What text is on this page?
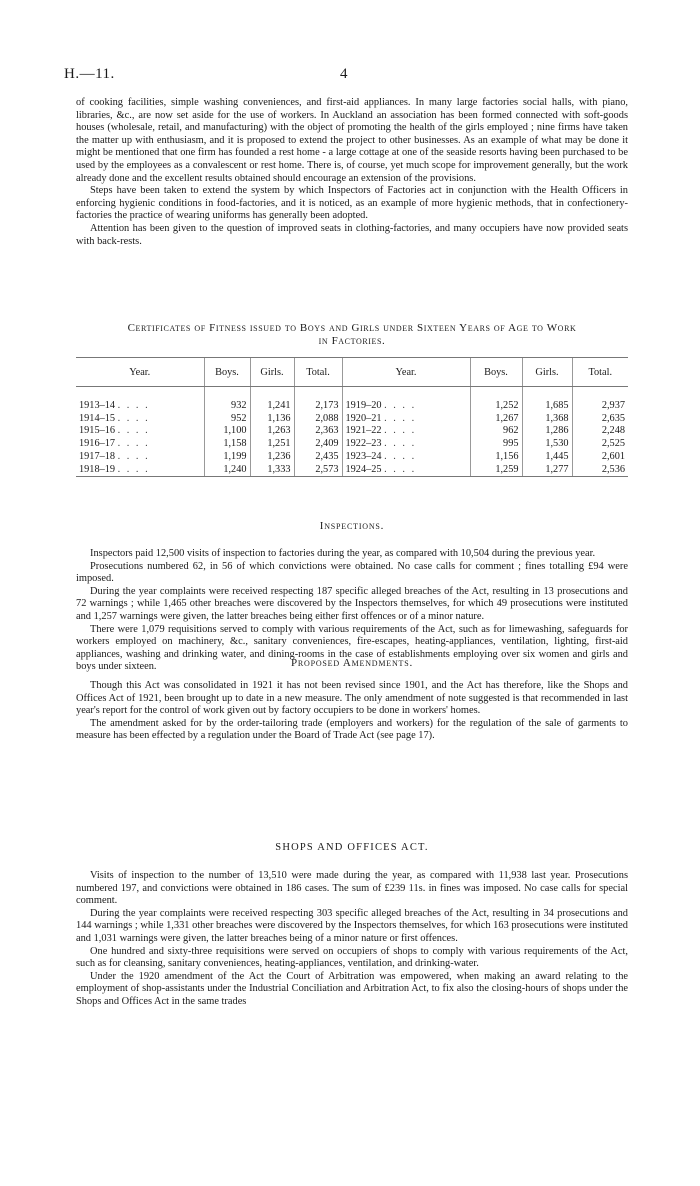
H.—11.	4

of cooking facilities, simple washing conveniences, and first-aid appliances. In many large factories social halls, with piano, libraries, &c., are now set aside for the use of workers. In Auckland an association has been formed connected with soft-goods houses (wholesale, retail, and manufacturing) with the object of promoting the health of the girls employed ; nine firms have taken the matter up with enthusiasm, and it is proposed to extend the project to other businesses. As an example of what may be done it might be mentioned that one firm has founded a rest home - a large cottage at one of the seaside resorts having been purchased to be used by the employees as a convalescent or rest home. There is, of course, yet much scope for improvement generally, but the work already done and the excellent results obtained should encourage an extension of the provisions.

Steps have been taken to extend the system by which Inspectors of Factories act in conjunction with the Health Officers in enforcing hygienic conditions in food-factories, and it is noticed, as an example of more hygienic methods, that in confectionery-factories the practice of wearing uniforms has generally been adopted.

Attention has been given to the question of improved seats in clothing-factories, and many occupiers have now provided seats with back-rests.

Certificates of Fitness issued to Boys and Girls under Sixteen Years of Age to Work
in Factories.
Year.	Boys.	Girls.	Total.	Year.	Boys.	Girls.	Total.

1913–14 . . . .	932	1,241	2,173	1919–20 . . . .	1,252	1,685	2,937
1914–15 . . . .	952	1,136	2,088	1920–21 . . . .	1,267	1,368	2,635
1915–16 . . . .	1,100	1,263	2,363	1921–22 . . . .	962	1,286	2,248
1916–17 . . . .	1,158	1,251	2,409	1922–23 . . . .	995	1,530	2,525
1917–18 . . . .	1,199	1,236	2,435	1923–24 . . . .	1,156	1,445	2,601
1918–19 . . . .	1,240	1,333	2,573	1924–25 . . . .	1,259	1,277	2,536
Inspections.

Inspectors paid 12,500 visits of inspection to factories during the year, as compared with 10,504 during the previous year.

Prosecutions numbered 62, in 56 of which convictions were obtained. No case calls for comment ; fines totalling £94 were imposed.

During the year complaints were received respecting 187 specific alleged breaches of the Act, resulting in 13 prosecutions and 72 warnings ; while 1,465 other breaches were discovered by the Inspectors themselves, for which 49 prosecutions were instituted and 1,257 warnings were given, the latter breaches being either first offences or of a minor nature.

There were 1,079 requisitions served to comply with various requirements of the Act, such as for limewashing, safeguards for workers employed on machinery, &c., sanitary conveniences, fire-escapes, heating-appliances, ventilation, lighting, first-aid appliances, washing and drinking water, and dining-rooms in the case of establishments employing over six women and girls and boys under sixteen.	Proposed Amendments.

Though this Act was consolidated in 1921 it has not been revised since 1901, and the Act has therefore, like the Shops and Offices Act of 1921, been brought up to date in a new measure. The only amendment of note suggested is that recommended in last year's report for the control of work given out by factory occupiers to be done in workers' homes.

The amendment asked for by the order-tailoring trade (employers and workers) for the regulation of the sale of garments to measure has been effected by a regulation under the Board of Trade Act (see page 17).

SHOPS AND OFFICES ACT.

Visits of inspection to the number of 13,510 were made during the year, as compared with 11,938 last year. Prosecutions numbered 197, and convictions were obtained in 186 cases. The sum of £239 11s. in fines was imposed. No case calls for special comment.

During the year complaints were received respecting 303 specific alleged breaches of the Act, resulting in 34 prosecutions and 144 warnings ; while 1,331 other breaches were discovered by the Inspectors themselves, for which 163 prosecutions were instituted and 1,031 warnings were given, the latter breaches being of a minor nature or first offences.

One hundred and sixty-three requisitions were served on occupiers of shops to comply with various requirements of the Act, such as for cleansing, sanitary conveniences, heating-appliances, ventilation, and drinking-water.

Under the 1920 amendment of the Act the Court of Arbitration was empowered, when making an award relating to the employment of shop-assistants under the Industrial Conciliation and Arbitration Act, to fix also the closing-hours of shops under the Shops and Offices Act in the same trades
